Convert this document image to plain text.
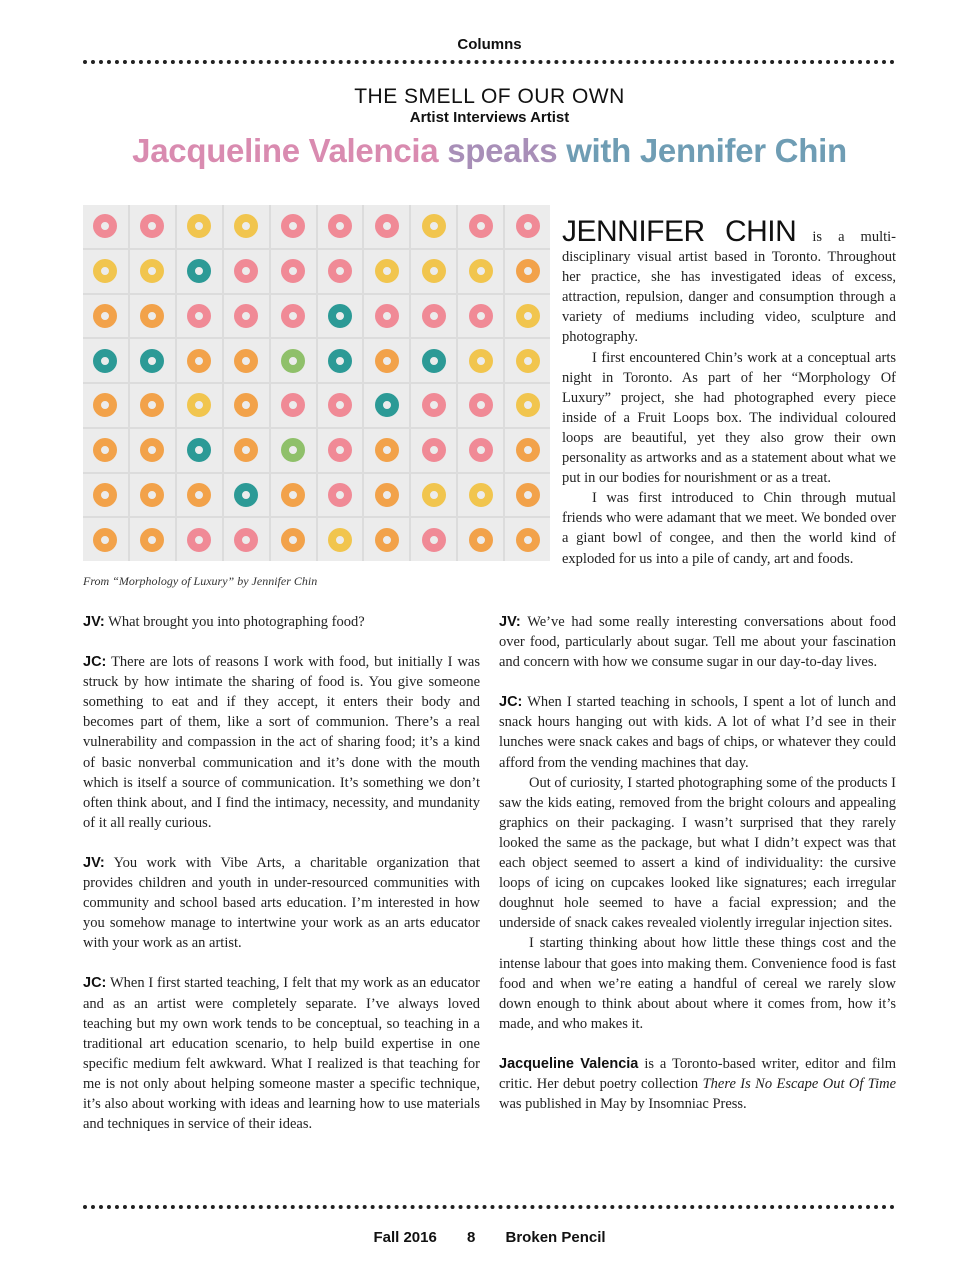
Columns
THE SMELL OF OUR OWN
Artist Interviews Artist
Jacqueline Valencia speaks with Jennifer Chin
From “Morphology of Luxury” by Jennifer Chin

JENNIFER CHIN is a multi-disciplinary visual artist based in Toronto. Throughout her practice, she has investigated ideas of excess, attraction, repulsion, danger and consumption through a variety of mediums including video, sculpture and photography.

I first encountered Chin’s work at a conceptual arts night in Toronto. As part of her “Morphology Of Luxury” project, she had photographed every piece inside of a Fruit Loops box. The individual coloured loops are beautiful, yet they also grow their own personality as artworks and as a statement about what we put in our bodies for nourishment or as a treat.

I was first introduced to Chin through mutual friends who were adamant that we meet. We bonded over a giant bowl of congee, and then the world kind of exploded for us into a pile of candy, art and foods.

JV: What brought you into photographing food?

JC: There are lots of reasons I work with food, but initially I was struck by how intimate the sharing of food is. You give someone something to eat and if they accept, it enters their body and becomes part of them, like a sort of communion. There’s a real vulnerability and compassion in the act of sharing food; it’s a kind of basic nonverbal communication and it’s done with the mouth which is itself a source of communication. It’s something we don’t often think about, and I find the intimacy, necessity, and mundanity of it all really curious.

JV: You work with Vibe Arts, a charitable organization that provides children and youth in under-resourced communities with community and school based arts education. I’m interested in how you somehow manage to intertwine your work as an arts educator with your work as an artist.

JC: When I first started teaching, I felt that my work as an educator and as an artist were completely separate. I’ve always loved teaching but my own work tends to be conceptual, so teaching in a traditional art education scenario, to help build expertise in one specific medium felt awkward. What I realized is that teaching for me is not only about helping someone master a specific technique, it’s also about working with ideas and learning how to use materials and techniques in service of their ideas.

JV: We’ve had some really interesting conversations about food over food, particularly about sugar. Tell me about your fascination and concern with how we consume sugar in our day-to-day lives.

JC: When I started teaching in schools, I spent a lot of lunch and snack hours hanging out with kids. A lot of what I’d see in their lunches were snack cakes and bags of chips, or whatever they could afford from the vending machines that day.

Out of curiosity, I started photographing some of the products I saw the kids eating, removed from the bright colours and appealing graphics on their packaging. I wasn’t surprised that they rarely looked the same as the package, but what I didn’t expect was that each object seemed to assert a kind of individuality: the cursive loops of icing on cupcakes looked like signatures; each irregular doughnut hole seemed to have a facial expression; and the underside of snack cakes revealed violently irregular injection sites.

I starting thinking about how little these things cost and the intense labour that goes into making them. Convenience food is fast food and when we’re eating a handful of cereal we rarely slow down enough to think about about where it comes from, how it’s made, and who makes it.

Jacqueline Valencia is a Toronto-based writer, editor and film critic. Her debut poetry collection There Is No Escape Out Of Time was published in May by Insomniac Press.

Fall 2016 8 Broken Pencil
